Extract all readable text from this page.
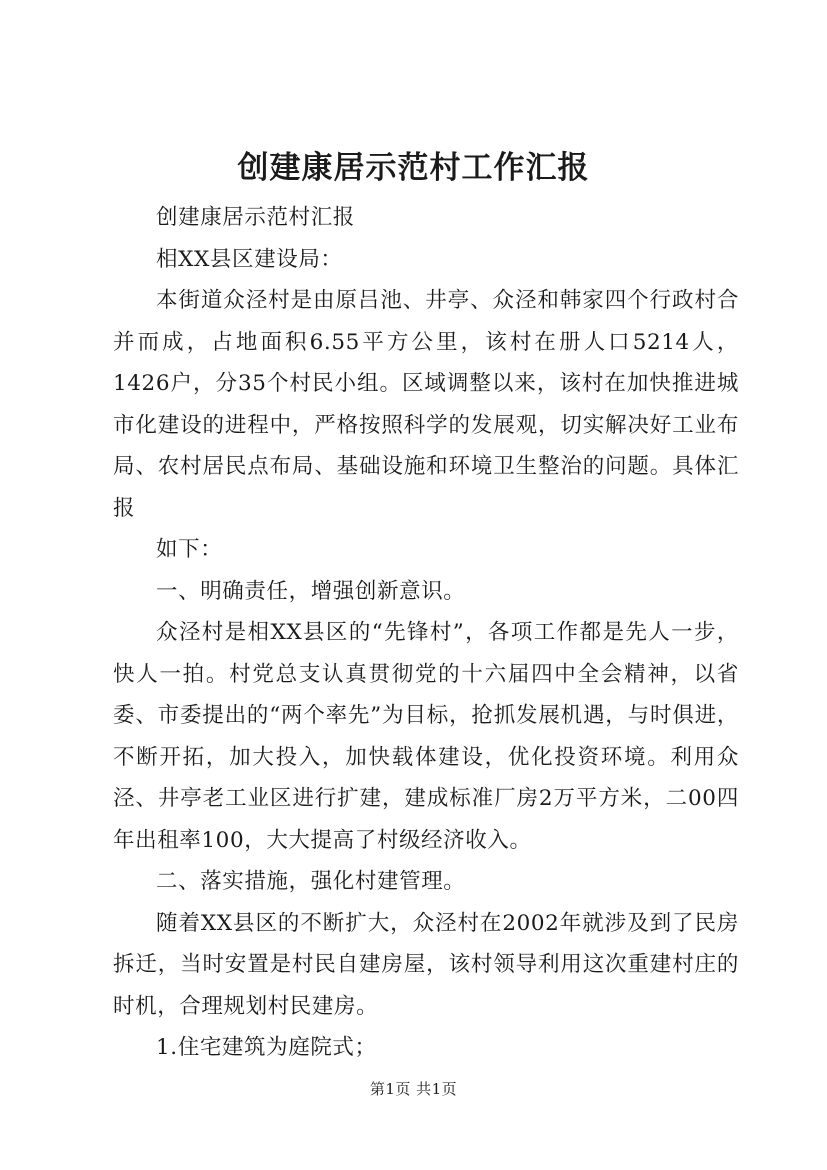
创建康居示范村工作汇报

创建康居示范村汇报

相XX县区建设局：

本街道众泾村是由原吕池、井亭、众泾和韩家四个行政村合并而成，占地面积6.55平方公里，该村在册人口5214人，1426户，分35个村民小组。区域调整以来，该村在加快推进城市化建设的进程中，严格按照科学的发展观，切实解决好工业布局、农村居民点布局、基础设施和环境卫生整治的问题。具体汇报

如下：

一、明确责任，增强创新意识。

众泾村是相XX县区的“先锋村”，各项工作都是先人一步，快人一拍。村党总支认真贯彻党的十六届四中全会精神，以省委、市委提出的“两个率先”为目标，抢抓发展机遇，与时俱进，不断开拓，加大投入，加快载体建设，优化投资环境。利用众泾、井亭老工业区进行扩建，建成标准厂房2万平方米，二00四年出租率100，大大提高了村级经济收入。

二、落实措施，强化村建管理。

随着XX县区的不断扩大，众泾村在2002年就涉及到了民房拆迁，当时安置是村民自建房屋，该村领导利用这次重建村庄的时机，合理规划村民建房。

1.住宅建筑为庭院式；

第1页 共1页
